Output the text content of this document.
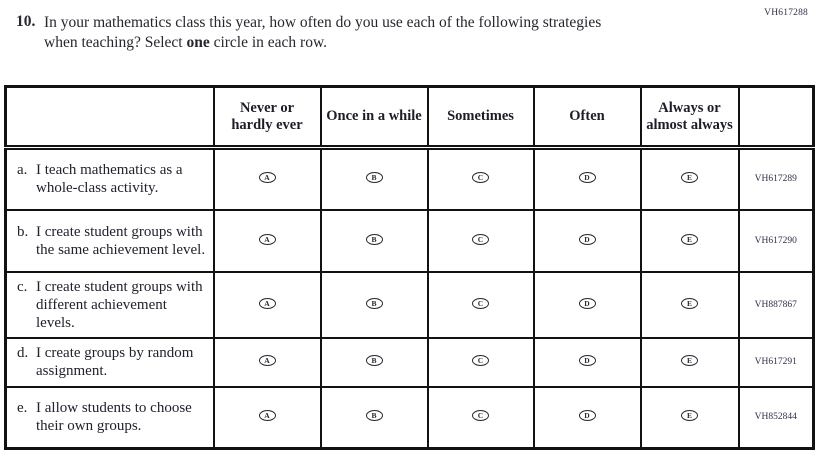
VH617288
10. In your mathematics class this year, how often do you use each of the following strategies when teaching? Select one circle in each row.
	Never or hardly ever	Once in a while	Sometimes	Often	Always or almost always	

a. I teach mathematics as a whole-class activity.	A	B	C	D	E	VH617289

b. I create student groups with the same achievement level.	A	B	C	D	E	VH617290

c. I create student groups with different achievement levels.	A	B	C	D	E	VH887867

d. I create groups by random assignment.	A	B	C	D	E	VH617291

e. I allow students to choose their own groups.	A	B	C	D	E	VH852844
